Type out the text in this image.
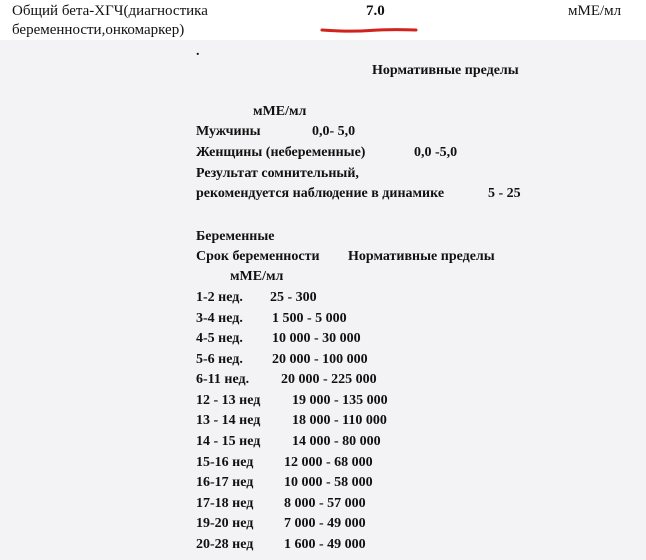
Общий бета-ХГЧ(диагностика
беременности,онкомаркер)
7.0	мМЕ/мл
.
Нормативные пределы
мМЕ/мл
Мужчины	0,0- 5,0
Женщины (небеременные)	0,0 -5,0
Результат сомнительный,
рекомендуется наблюдение в динамике	5 - 25
Беременные
Срок беременности Нормативные пределы
мМЕ/мл
1-2 нед. 25 - 300
3-4 нед. 1 500 - 5 000
4-5 нед. 10 000 - 30 000
5-6 нед. 20 000 - 100 000
6-11 нед. 20 000 - 225 000
12 - 13 нед 19 000 - 135 000
13 - 14 нед 18 000 - 110 000
14 - 15 нед 14 000 - 80 000
15-16 нед 12 000 - 68 000
16-17 нед 10 000 - 58 000
17-18 нед 8 000 - 57 000
19-20 нед 7 000 - 49 000
20-28 нед 1 600 - 49 000
